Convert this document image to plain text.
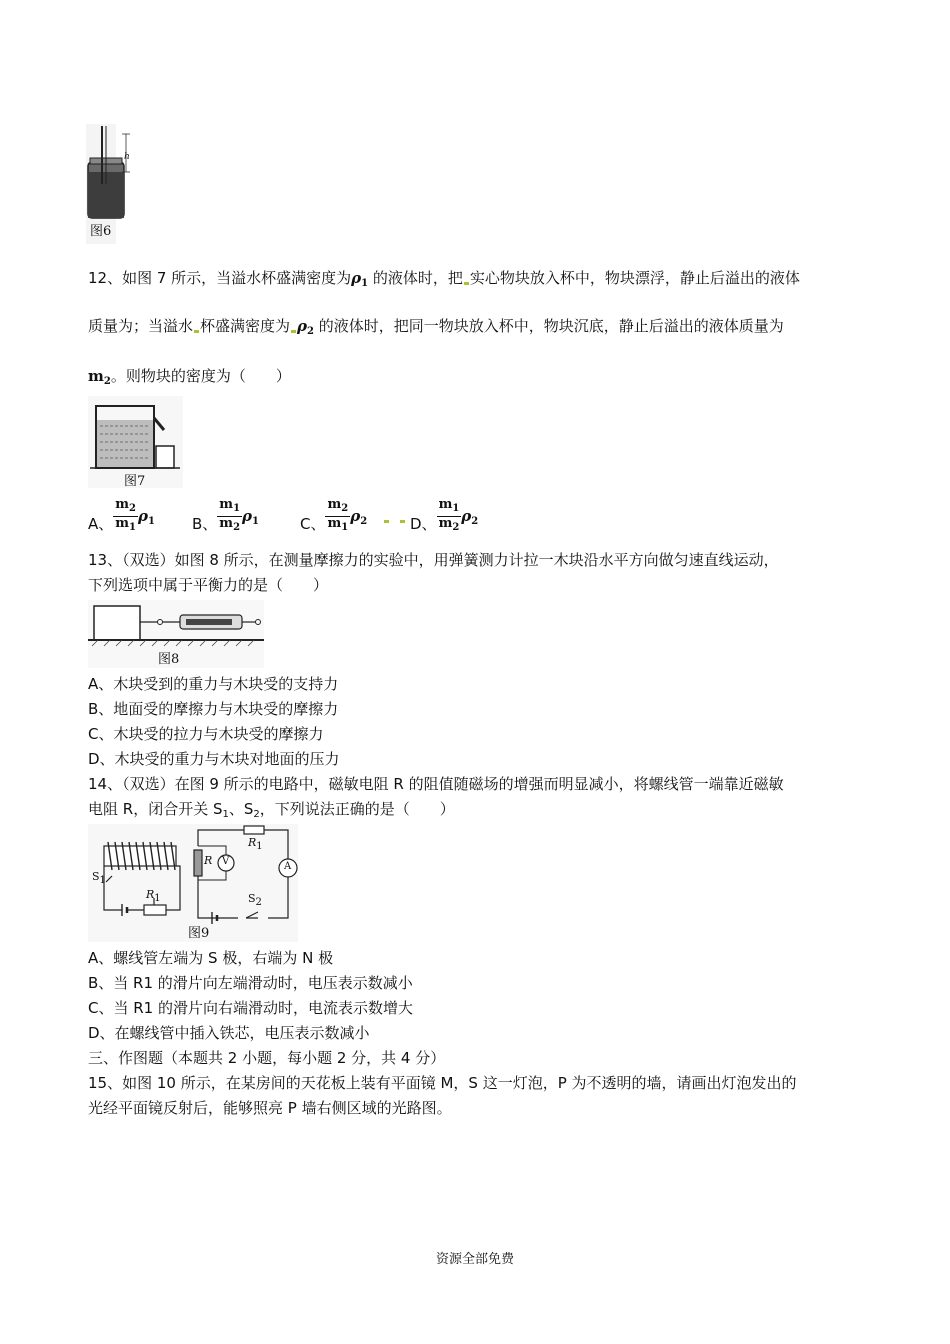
h
图6
12、如图 7 所示，当溢水杯盛满密度为$\rho_1$ 的液体时，把 实心物块放入杯中，物块漂浮，静止后溢出的液体
质量为；当溢水 杯盛满密度为 $\rho_2$ 的液体时，把同一物块放入杯中，物块沉底，静止后溢出的液体质量为
$m_2$。则物块的密度为（　　）
图7
A、 $\frac{m_2}{m_1} \rho_1$ B、 $\frac{m_1}{m_2} \rho_1$	C、 $\frac{m_2}{m_1} \rho_2$	D、 $\frac{m_1}{m_2} \rho_2$
13、（双选）如图 8 所示，在测量摩擦力的实验中，用弹簧测力计拉一木块沿水平方向做匀速直线运动，
下列选项中属于平衡力的是（　　）
图8
A、木块受到的重力与木块受的支持力
B、地面受的摩擦力与木块受的摩擦力
C、木块受的拉力与木块受的摩擦力
D、木块受的重力与木块对地面的压力
14、（双选）在图 9 所示的电路中，磁敏电阻 R 的阻值随磁场的增强而明显减小，将螺线管一端靠近磁敏
电阻 R，闭合开关 $S_1$、$S_2$，下列说法正确的是（　　）
R1
R V	A
S1
R1	S2
图9
A、螺线管左端为 S 极，右端为 N 极
B、当 R1 的滑片向左端滑动时，电压表示数减小
C、当 R1 的滑片向右端滑动时，电流表示数增大
D、在螺线管中插入铁芯，电压表示数减小
三、作图题（本题共 2 小题，每小题 2 分，共 4 分）
15、如图 10 所示，在某房间的天花板上装有平面镜 M，S 这一灯泡，P 为不透明的墙，请画出灯泡发出的
光经平面镜反射后，能够照亮 P 墙右侧区域的光路图。
资源全部免费
